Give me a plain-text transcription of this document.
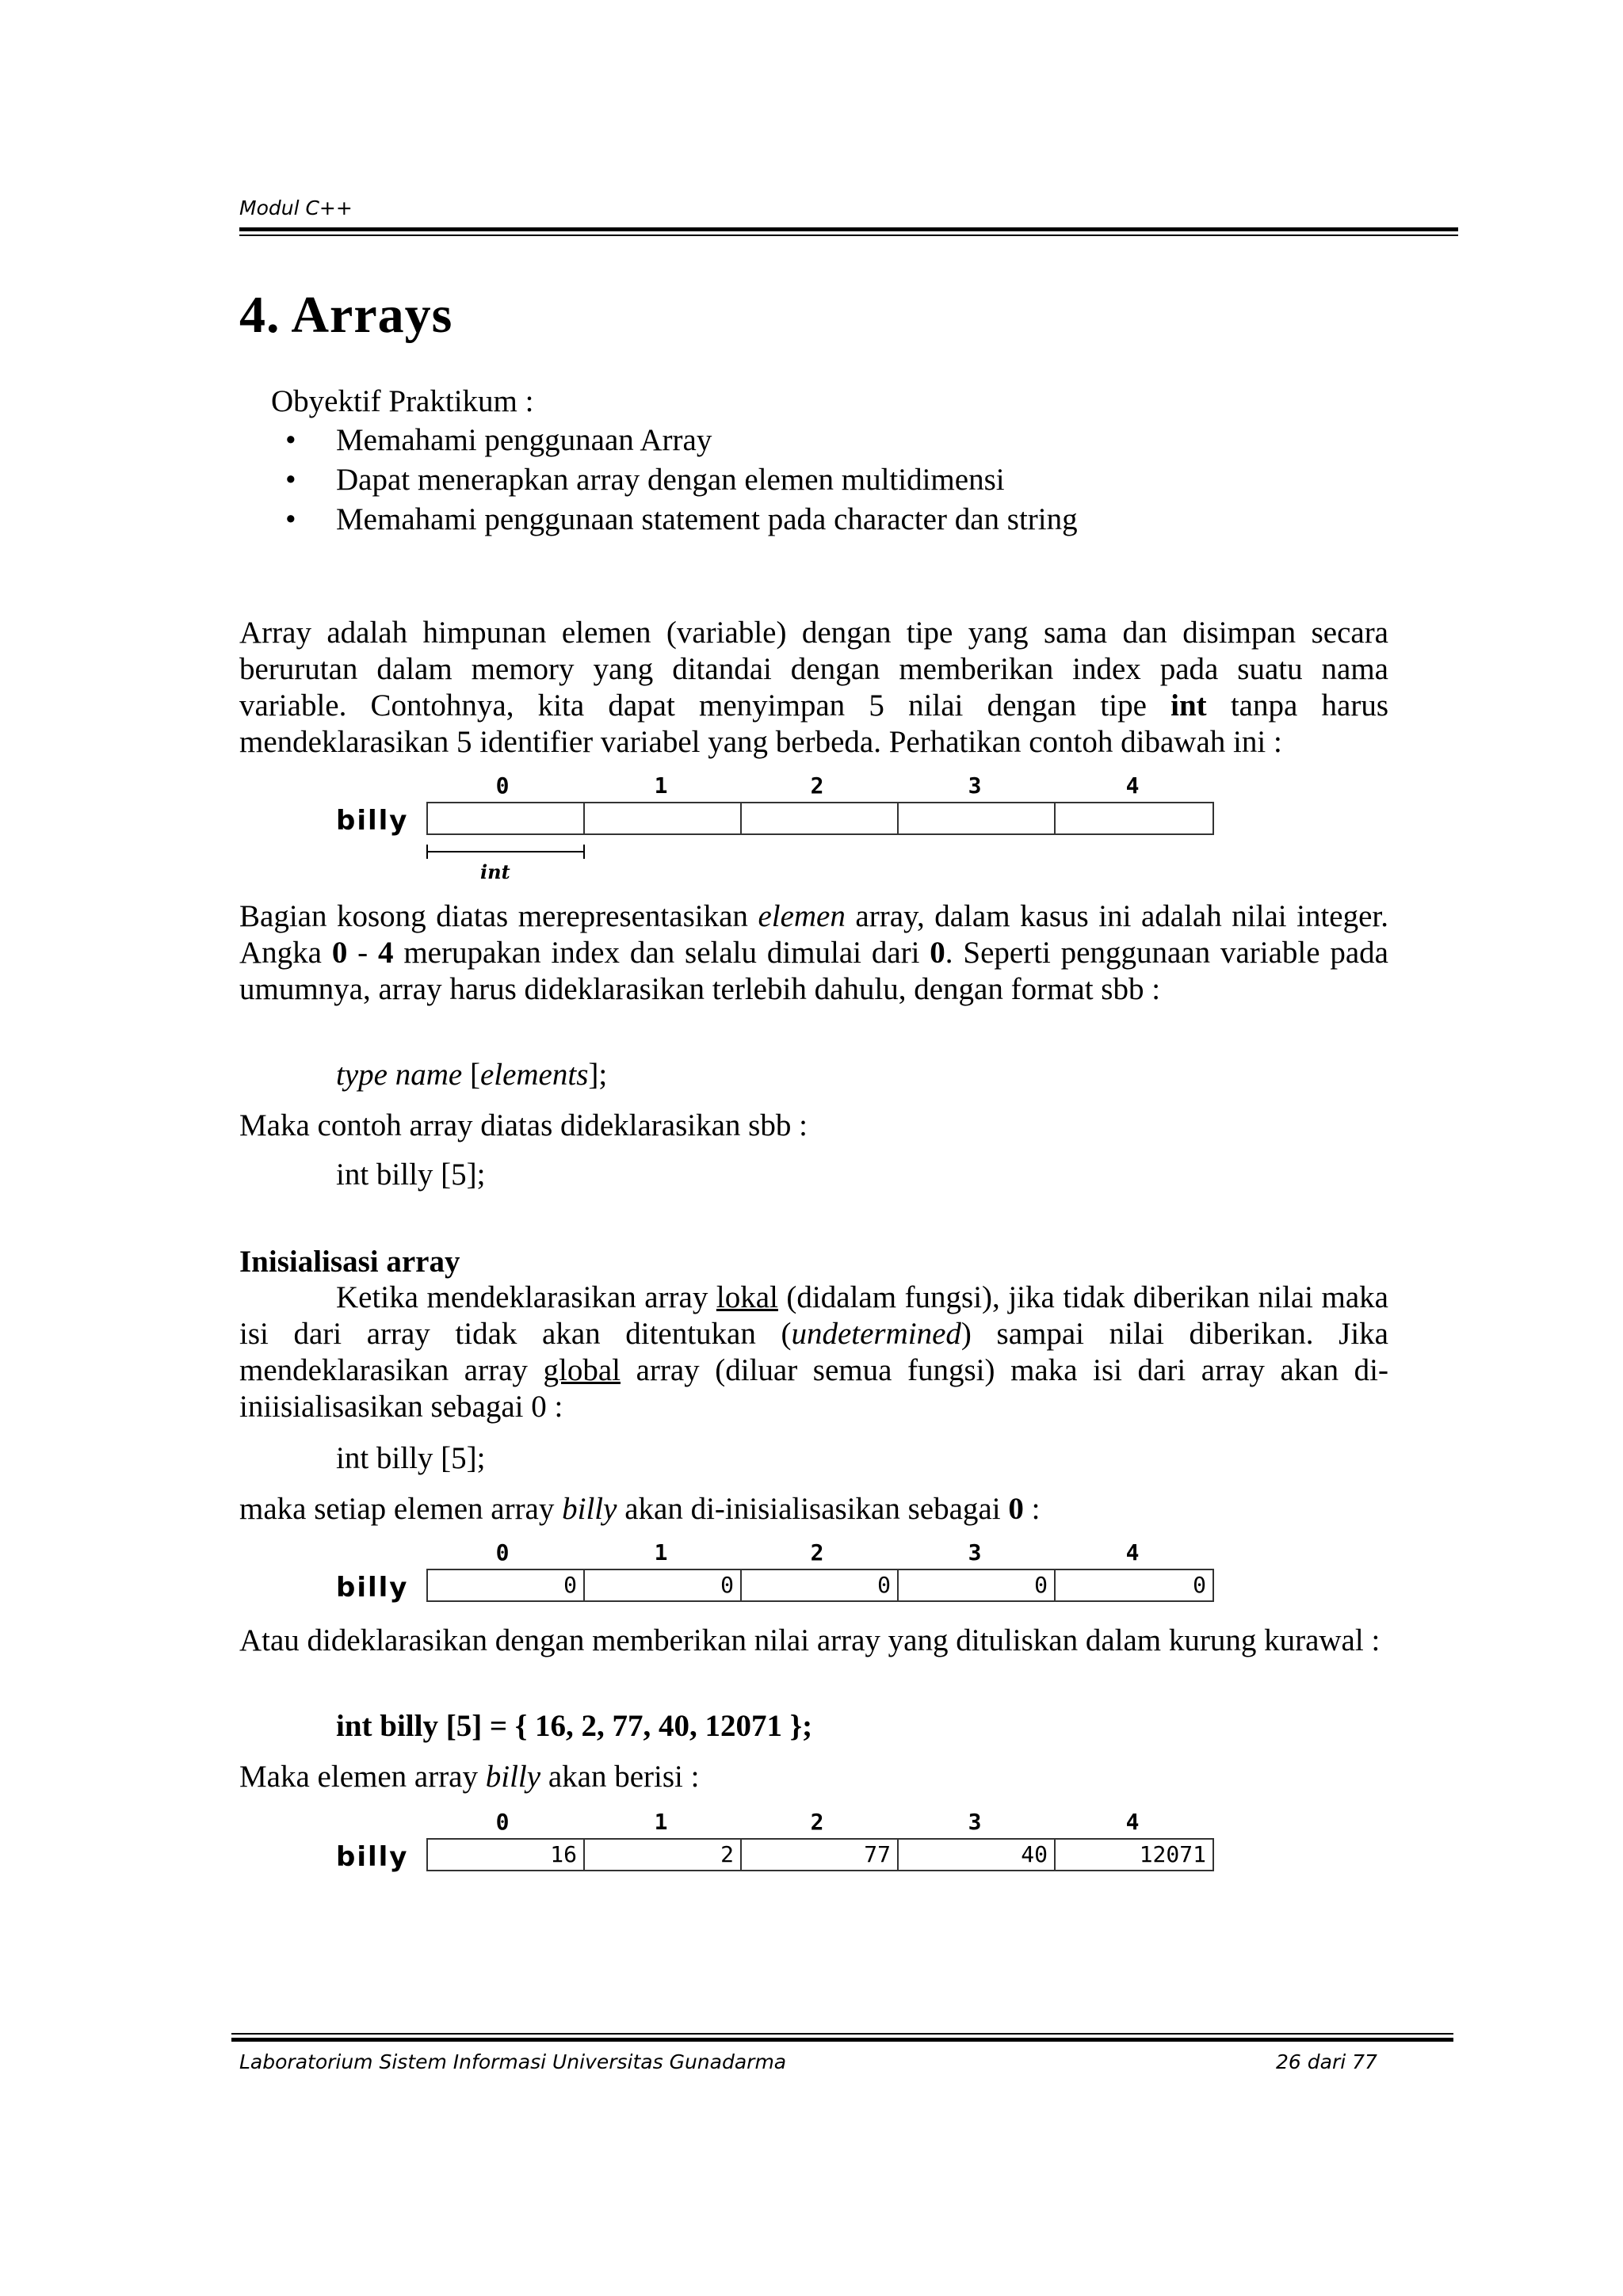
Modul C++
4. Arrays
Obyektif Praktikum :
• Memahami penggunaan Array
• Dapat menerapkan array dengan elemen multidimensi
• Memahami penggunaan statement pada character dan string
Array adalah himpunan elemen (variable) dengan tipe yang sama dan disimpan secara berurutan dalam memory yang ditandai dengan memberikan index pada suatu nama variable. Contohnya, kita dapat menyimpan 5 nilai dengan tipe int tanpa harus mendeklarasikan 5 identifier variabel yang berbeda. Perhatikan contoh dibawah ini :
0	1	2	3	4
billy
int
Bagian kosong diatas merepresentasikan elemen array, dalam kasus ini adalah nilai integer. Angka 0 - 4 merupakan index dan selalu dimulai dari 0. Seperti penggunaan variable pada umumnya, array harus dideklarasikan terlebih dahulu, dengan format sbb :
type name [elements];
Maka contoh array diatas dideklarasikan sbb :
int billy [5];
Inisialisasi array
Ketika mendeklarasikan array lokal (didalam fungsi), jika tidak diberikan nilai maka isi dari array tidak akan ditentukan (undetermined) sampai nilai diberikan. Jika mendeklarasikan array global array (diluar semua fungsi) maka isi dari array akan di-iniisialisasikan sebagai 0 :
int billy [5];
maka setiap elemen array billy akan di-inisialisasikan sebagai 0 :
0	1	2	3	4
billy	0	0	0	0	0
Atau dideklarasikan dengan memberikan nilai array yang dituliskan dalam kurung kurawal :
int billy [5] = { 16, 2, 77, 40, 12071 };
Maka elemen array billy akan berisi :
0	1	2	3	4
billy	16	2	77	40	12071
Laboratorium Sistem Informasi Universitas Gunadarma	26 dari 77
